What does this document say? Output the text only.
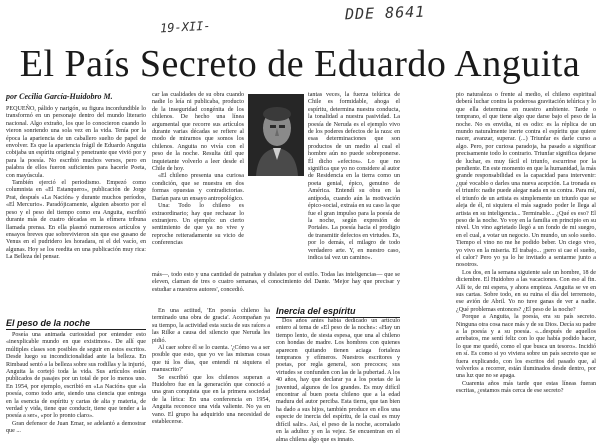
19-XII-
DDE 8641
El País Secreto de Eduardo Anguita
por Cecilia García-Huidobro M.

PEQUEÑO, pálido y narigón, su figura inconfundible lo transformó en un personaje dentro del mundo literario nacional. Algo extraño, los que lo conocieron cuando lo vieron sonriendo una sola vez en la vida. Tenía por la época la apariencia de un caballero suelto de papel de envolver. Es que la apariencia frágil de Eduardo Anguita cobijaba un espíritu original y penetrante que vivió por y para la poesía. No escribió muchos versos, pero en palabra de ellos fueron suficientes para hacerle Poeta, con mayúscula.

También ejerció el periodismo. Empezó como columnista en «El Estanquero», publicación de Jorge Prat, después «La Nación» y durante muchos períodos, «El Mercurio». Paradójicamente, alguien absorto por el peso y el peso del tiempo como era Anguita, escribió durante más de cuatro décadas en la efímera tribuna llamada prensa. En ella plasmó numerosos artículos y ensayos breves que sobrevivieron sin que ese gusano de Venus en el pudridero les horadara, ni el del vacío, en algunas. Hoy se los reedita en una publicación muy rica: La Belleza del pensar.

El peso de la noche

Poseía una animada curiosidad por entender esto «inexplicable mundo en que existimos». De allí que múltiples clases son posibles de seguir en estos escritos. Desde luego su incondicionalidad ante la belleza. En Rimbaud sentó a la belleza sobre sus rodillas y la injurió, Anguita la cortejó toda la vida. Sus artículos están publicados de pasajes por un total de por lo menos uno. En 1954, por ejemplo, escribió en «La Nación» que «la poesía, como todo arte, siendo una ciencia que entrega en la esencia de espíritu y cartas de alta y materia, de verdad y vida, tiene que conducir, tiene que tender a la poesía a ser», «por lo pronto claro».

Gran defensor de Juan Emar, se adelantó a demostrar que ...

car las cualidades de su obra cuando nadie lo leía ni publicaba, producto de la inseguridad congénita de los chilenos. De hecho una línea argumental que recorre sus artículos durante varias décadas se refiere al modo de mirarnos que somos los chilenos. Anguita no vivía con el peso de la noche. Resulta útil que inquietante volverlo a leer desde el Chile de hoy.

«El chileno presenta una curiosa condición, que se muestra en dos formas opuestas y contradictorias. Darían para un ensayo antropológico.

Una: Todo lo chileno es extraordinario; hay que rechazar lo extranjero. Un ejemplo: un cierto sentimiento de que ya no vive y reproche reiteradamente su vicio de conferencias

tantas veces, la fuerza telúrica de Chile es formidable, ahoga el espíritu, determina nuestra conducta, la tonalidad a nuestra pasividad. La poesía de Neruda es el ejemplo vivo de los poderes defectos de la raza: en esas determinaciones que son productos de un medio al cual el hombre aún no puede sobreponerse. Él dicho «efectos». Lo que no significa que yo no considere al autor de Residencia en la tierra como un poeta genial, épico, genuino de América. Entendí su obra en la antípoda, cuando aún la motivación épico-social, extraía en su caso la que fue el gran impulso para la poesía de la noche, según expresión de Portales. La poesía hacia el prodigio de transmitir defectos en virtudes. Es, por lo demás, el milagro de todo verdadero arte. Y, en nuestro caso, indica tal vez un camino».

más—, todo esto y una cantidad de patrañas y dislates por el estilo. Todas las inteligencias— que se eleven, claman de tres o cuatro semanas, el conocimiento del Dante. 'Mejor hay que precisar y estudiar a nuestros autores', concedió.

En una actitud, 'En poesía chileno ha terminado una obra de gracia'. Acompañan ya su tiempo, la actividad esta sucia de sus raíces a las Rilke a causa del silencio que Neruda les pidió.

Al caer sobre él se lo cuenta. '¿Cómo va a ser posible que esto, que yo ve las mismas cosas que tú los días, que entendí ni siquiera el manuscrito?'

Se escribió que los chilenos superan a Huidobro fue en la generación que conoció a una gran conquista que en la primera sociedad de la lírica: En una conferencia en 1954, Anguita reconoce una vida valiente. No ya en vano. El grupo ha adquirido una necesidad de establecerse.

Inercia del espíritu

Dos años antes había dedicado un artículo entero al tema de «El peso de la noche»: «Hay un tiempo lento, de siesta espesa, que una al chileno con hondas de madre. Los hombres con quienes aparecen quitando tienen aciaga fortaleza tempranos y efímeros. Nuestros escritores y poetas, por regla general, son precoces; sus virtudes se confunden con las de la pubertad. A los 40 años, hay que declarar ya a los poetas de la juventud, algunos de los grandes. Es muy difícil encontrar al buen poeta chileno que a la edad madura del autor perciba. Esta tierra, que tan bien ha dado a sus hijos, también produce en ellos una especie de inercia del espíritu, de la cual es muy difícil salir». Así, el peso de la noche, acorralado en la adultez y en la vejez. Se encuentran en el alma chilena algo que es innato.

pio naturaleza o frente al medio, el chileno espiritual deberá luchar contra la poderosa gravitación telúrica y lo que ella determina en nuestro ambiente. Tarde o temprano, el que tiene algo que darse bajo el peso de la noche. No es envidia, ni es odio: es la réplica de un mundo naturalmente inerte contra el espíritu que quiere nacer, avanzar, superar. (...) Triunfar es darle curso a algo. Pero, por curiosa paradoja, ha pasado a significar precisamente todo lo contrario. Triunfar significa dejarse de luchar, es muy fácil el triunfo, escurrirse por la pendiente. En este momento en que la humanidad, la más grande responsabilidad es la capacidad para intervenir: ¿qué vocablo o darles una nueva acepción. La tronada es el triunfo: nadie puede alegar nada en su contra. Para mí, el triunfo de un artista es simplemente un triunfo que se aleja de él, ni siquiera el más sagrado poder le llega al artista en su inteligencia... Terminable... ¿Qué es eso? El peso de la noche. Yo voy en la familia en principio en su nivel. Un vino agrietado llegó a un fondo de mi suegro, en el cual, a votar un negocio. Un mundo, un solo sueño. Tiempo el vino no me he podido beber. Un ciego vivo, yo vivo en la miseria. El trabajo... ¡pero si cae el sueño, el calor? Pero yo ya lo he invitado a sentarme junto a nosotros.

Los dos, en la semana siguiente sale un hombre, 18 de diciembre. El Huidobro a las vacaciones. Con eso al fin. Allí te, de mi espera, y ahora empieza. Anguita se ve en sus cartas. Sobre todo, en su ruina el día del terremoto, ese avión de Abril. Yo no tuve ganas de ver a nadie. ¿Qué problemas entonces? ¿El peso de la noche?

Porque a Anguita, la poesía, era su país secreto. Ninguna otra cosa nace más y de su Dios. Decía su padre a la poesía y a su poesía. «...después de aquellos arrebatos, me sentí feliz con lo que había podido hacer, lo que me quedó, como el que busca un tesoro». Incidió en sí. Es como si yo viviera sobre un país secreto que se fuera explicando, con los escritos del pasado que, al volverlos a recorrer, están iluminados desde dentro, por una luz que no se apaga.

Cuarenta años más tarde que estas líneas fueran escritas, ¿estamos más cerca de ese secreto?
